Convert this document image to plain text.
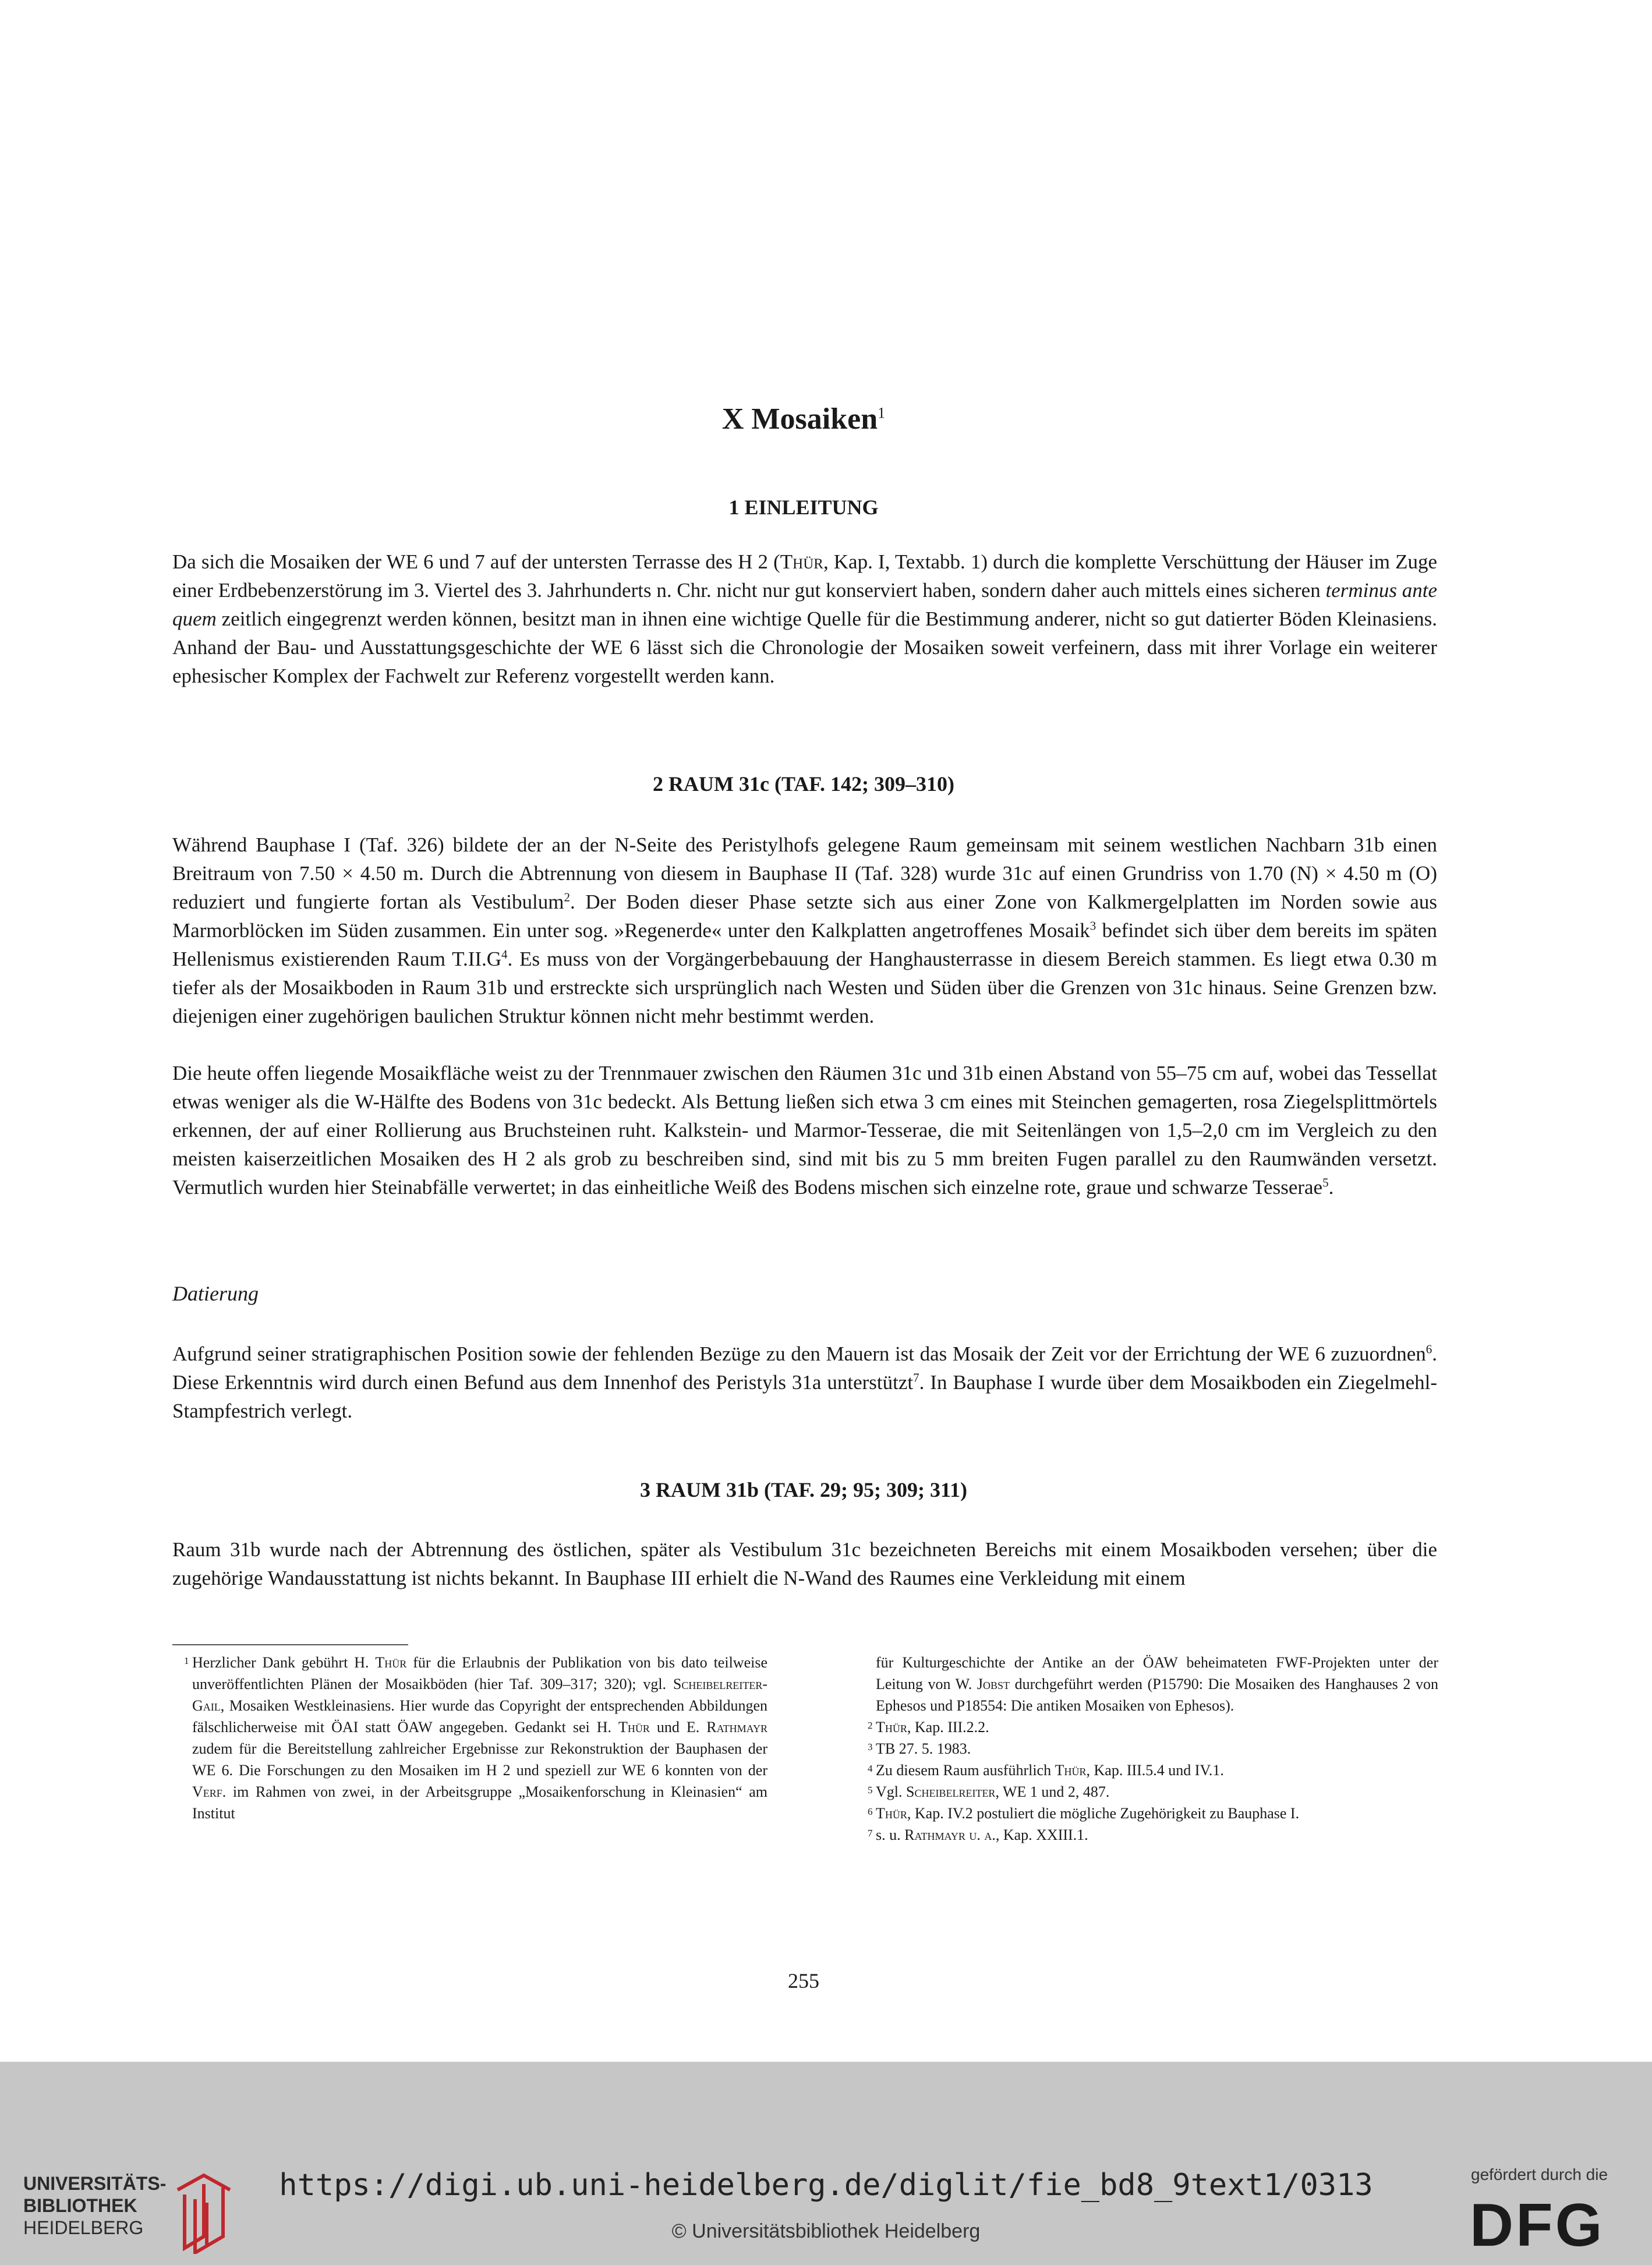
X Mosaiken$^1$
1 EINLEITUNG

Da sich die Mosaiken der WE 6 und 7 auf der untersten Terrasse des H 2 (Thür, Kap. I, Textabb. 1) durch die komplette Verschüttung der Häuser im Zuge einer Erdbebenzerstörung im 3. Viertel des 3. Jahrhunderts n. Chr. nicht nur gut konserviert haben, sondern daher auch mittels eines sicheren terminus ante quem zeitlich eingegrenzt werden können, besitzt man in ihnen eine wichtige Quelle für die Bestimmung anderer, nicht so gut datierter Böden Kleinasiens. Anhand der Bau- und Ausstattungsgeschichte der WE 6 lässt sich die Chronologie der Mosaiken soweit verfeinern, dass mit ihrer Vorlage ein weiterer ephesischer Komplex der Fachwelt zur Referenz vorgestellt werden kann.

2 RAUM 31c (TAF. 142; 309–310)

Während Bauphase I (Taf. 326) bildete der an der N-Seite des Peristylhofs gelegene Raum gemeinsam mit seinem westlichen Nachbarn 31b einen Breitraum von 7.50 × 4.50 m. Durch die Abtrennung von diesem in Bauphase II (Taf. 328) wurde 31c auf einen Grundriss von 1.70 (N) × 4.50 m (O) reduziert und fungierte fortan als Vestibulum$^2$. Der Boden dieser Phase setzte sich aus einer Zone von Kalkmergelplatten im Norden sowie aus Marmorblöcken im Süden zusammen. Ein unter sog. »Regenerde« unter den Kalkplatten angetroffenes Mosaik$^3$ befindet sich über dem bereits im späten Hellenismus existierenden Raum $T.II.G^4$. Es muss von der Vorgängerbebauung der Hanghausterrasse in diesem Bereich stammen. Es liegt etwa 0.30 m tiefer als der Mosaikboden in Raum 31b und erstreckte sich ursprünglich nach Westen und Süden über die Grenzen von 31c hinaus. Seine Grenzen bzw. diejenigen einer zugehörigen baulichen Struktur können nicht mehr bestimmt werden.

Die heute offen liegende Mosaikfläche weist zu der Trennmauer zwischen den Räumen 31c und 31b einen Abstand von 55–75 cm auf, wobei das Tessellat etwas weniger als die W-Hälfte des Bodens von 31c bedeckt. Als Bettung ließen sich etwa 3 cm eines mit Steinchen gemagerten, rosa Ziegelsplittmörtels erkennen, der auf einer Rollierung aus Bruchsteinen ruht. Kalkstein- und Marmor-Tesserae, die mit Seitenlängen von 1,5–2,0 cm im Vergleich zu den meisten kaiserzeitlichen Mosaiken des H 2 als grob zu beschreiben sind, sind mit bis zu 5 mm breiten Fugen parallel zu den Raumwänden versetzt. Vermutlich wurden hier Steinabfälle verwertet; in das einheitliche Weiß des Bodens mischen sich einzelne rote, graue und schwarze Tesserae$^5$.

Datierung

Aufgrund seiner stratigraphischen Position sowie der fehlenden Bezüge zu den Mauern ist das Mosaik der Zeit vor der Errichtung der WE 6 zuzuordnen$^6$. Diese Erkenntnis wird durch einen Befund aus dem Innenhof des Peristyls 31a unterstützt$^7$. In Bauphase I wurde über dem Mosaikboden ein Ziegelmehl-Stampfestrich verlegt.

3 RAUM 31b (TAF. 29; 95; 309; 311)

Raum 31b wurde nach der Abtrennung des östlichen, später als Vestibulum 31c bezeichneten Bereichs mit einem Mosaikboden versehen; über die zugehörige Wandausstattung ist nichts bekannt. In Bauphase III erhielt die N-Wand des Raumes eine Verkleidung mit einem

1 Herzlicher Dank gebührt H. Thür für die Erlaubnis der Publikation von bis dato teilweise unveröffentlichten Plänen der Mosaikböden (hier Taf. 309–317; 320); vgl. Scheibelreiter-Gail, Mosaiken Westkleinasiens. Hier wurde das Copyright der entsprechenden Abbildungen fälschlicherweise mit ÖAI statt ÖAW angegeben. Gedankt sei H. Thür und E. Rathmayr zudem für die Bereitstellung zahlreicher Ergebnisse zur Rekonstruktion der Bauphasen der WE 6. Die Forschungen zu den Mosaiken im H 2 und speziell zur WE 6 konnten von der Verf. im Rahmen von zwei, in der Arbeitsgruppe „Mosaikenforschung in Kleinasien“ am Institut

für Kulturgeschichte der Antike an der ÖAW beheimateten FWF-Projekten unter der Leitung von W. Jobst durchgeführt werden (P15790: Die Mosaiken des Hanghauses 2 von Ephesos und P18554: Die antiken Mosaiken von Ephesos).

2 Thür, Kap. III.2.2.

3 TB 27. 5. 1983.

4 Zu diesem Raum ausführlich Thür, Kap. III.5.4 und IV.1.

5 Vgl. Scheibelreiter, WE 1 und 2, 487.

6 Thür, Kap. IV.2 postuliert die mögliche Zugehörigkeit zu Bauphase I.

7 s. u. Rathmayr u. a., Kap. XXIII.1.

255
UNIVERSITÄTS-
BIBLIOTHEK
HEIDELBERG
https://digi.ub.uni-heidelberg.de/diglit/fie_bd8_9text1/0313
© Universitätsbibliothek Heidelberg
gefördert durch die
DFG
